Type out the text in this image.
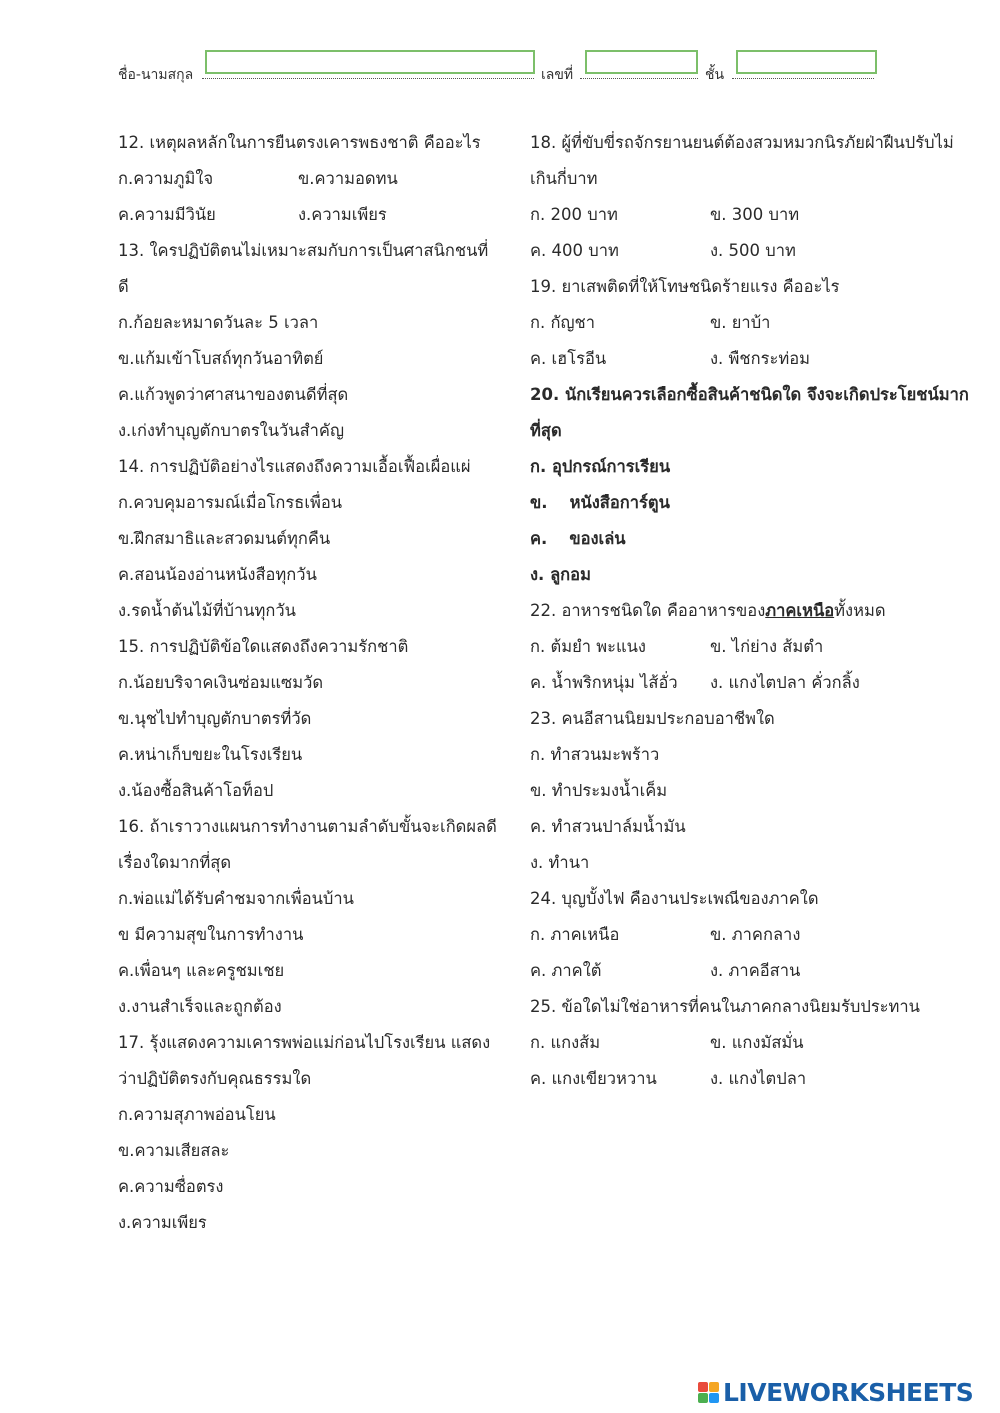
ชื่อ-นามสกุล	เลขที่	ชั้น
12. เหตุผลหลักในการยืนตรงเคารพธงชาติ คืออะไร
ก.ความภูมิใจ	ข.ความอดทน
ค.ความมีวินัย	ง.ความเพียร
13. ใครปฏิบัติตนไม่เหมาะสมกับการเป็นศาสนิกชนที่ดี
ก.ก้อยละหมาดวันละ 5 เวลา
ข.แก้มเข้าโบสถ์ทุกวันอาทิตย์
ค.แก้วพูดว่าศาสนาของตนดีที่สุด
ง.เก่งทำบุญตักบาตรในวันสำคัญ
14. การปฏิบัติอย่างไรแสดงถึงความเอื้อเฟื้อเผื่อแผ่
ก.ควบคุมอารมณ์เมื่อโกรธเพื่อน
ข.ฝึกสมาธิและสวดมนต์ทุกคืน
ค.สอนน้องอ่านหนังสือทุกวัน
ง.รดน้ำต้นไม้ที่บ้านทุกวัน
15. การปฏิบัติข้อใดแสดงถึงความรักชาติ
ก.น้อยบริจาคเงินซ่อมแซมวัด
ข.นุชไปทำบุญตักบาตรที่วัด
ค.หน่าเก็บขยะในโรงเรียน
ง.น้องซื้อสินค้าโอท็อป
16. ถ้าเราวางแผนการทำงานตามลำดับขั้นจะเกิดผลดีเรื่องใดมากที่สุด
ก.พ่อแม่ได้รับคำชมจากเพื่อนบ้าน
ข มีความสุขในการทำงาน
ค.เพื่อนๆ และครูชมเชย
ง.งานสำเร็จและถูกต้อง
17. รุ้งแสดงความเคารพพ่อแม่ก่อนไปโรงเรียน แสดงว่าปฏิบัติตรงกับคุณธรรมใด
ก.ความสุภาพอ่อนโยน
ข.ความเสียสละ
ค.ความซื่อตรง
ง.ความเพียร
18. ผู้ที่ขับขี่รถจักรยานยนต์ต้องสวมหมวกนิรภัยฝ่าฝืนปรับไม่เกินกี่บาท
ก. 200 บาท	ข. 300 บาท
ค. 400 บาท	ง. 500 บาท
19. ยาเสพติดที่ให้โทษชนิดร้ายแรง คืออะไร
ก. กัญชา	ข. ยาบ้า
ค. เฮโรอีน	ง. พืชกระท่อม
20. นักเรียนควรเลือกซื้อสินค้าชนิดใด จึงจะเกิดประโยชน์มากที่สุด
ก. อุปกรณ์การเรียน
ข. หนังสือการ์ตูน
ค. ของเล่น
ง. ลูกอม
22. อาหารชนิดใด คืออาหารของภาคเหนือทั้งหมด
ก. ต้มยำ พะแนง	ข. ไก่ย่าง ส้มตำ
ค. น้ำพริกหนุ่ม ไส้อั่ว	ง. แกงไตปลา คั่วกลิ้ง
23. คนอีสานนิยมประกอบอาชีพใด
ก. ทำสวนมะพร้าว
ข. ทำประมงน้ำเค็ม
ค. ทำสวนปาล์มน้ำมัน
ง. ทำนา
24. บุญบั้งไฟ คืองานประเพณีของภาคใด
ก. ภาคเหนือ	ข. ภาคกลาง
ค. ภาคใต้	ง. ภาคอีสาน
25. ข้อใดไม่ใช่อาหารที่คนในภาคกลางนิยมรับประทาน
ก. แกงส้ม	ข. แกงมัสมั่น
ค. แกงเขียวหวาน	ง. แกงไตปลา
LIVEWORKSHEETS
